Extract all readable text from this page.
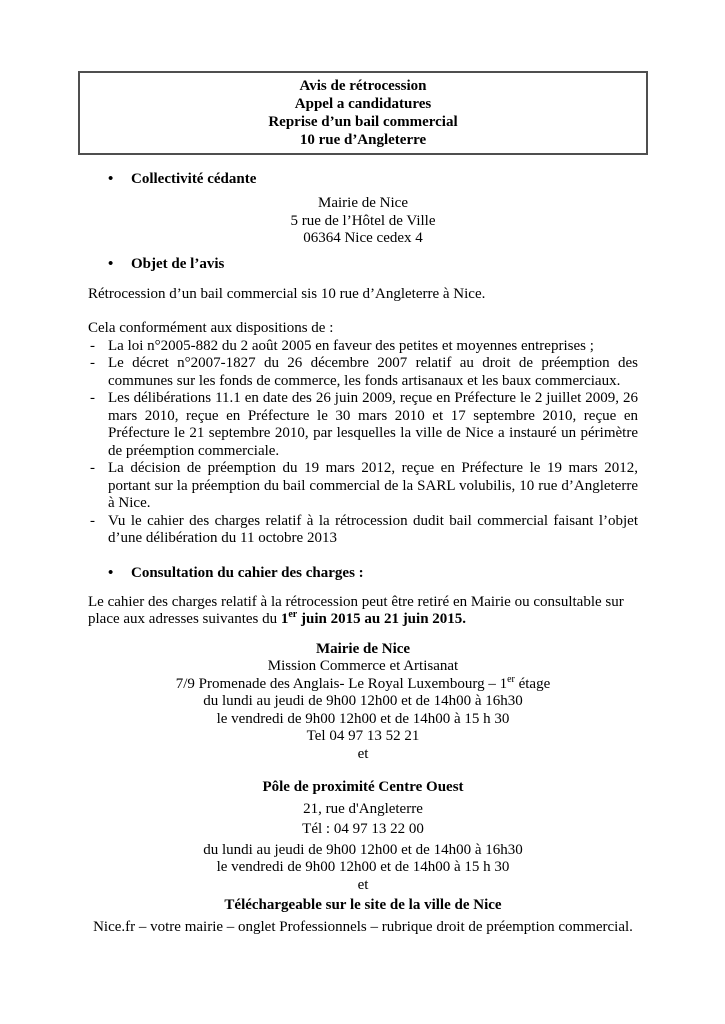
Avis de rétrocession
Appel a candidatures
Reprise d’un bail commercial
10 rue d’Angleterre
•	Collectivité cédante
Mairie de Nice
5 rue de l’Hôtel de Ville
06364 Nice cedex 4
•	Objet de l’avis

Rétrocession d’un bail commercial sis 10 rue d’Angleterre à Nice.

Cela conformément aux dispositions de :

- La loi n°2005-882 du 2 août 2005 en faveur des petites et moyennes entreprises ;
- Le décret n°2007-1827 du 26 décembre 2007 relatif au droit de préemption des communes sur les fonds de commerce, les fonds artisanaux et les baux commerciaux.
- Les délibérations 11.1 en date des 26 juin 2009, reçue en Préfecture le 2 juillet 2009, 26 mars 2010, reçue en Préfecture le 30 mars 2010 et 17 septembre 2010, reçue en Préfecture le 21 septembre 2010, par lesquelles la ville de Nice a instauré un périmètre de préemption commerciale.
- La décision de préemption du 19 mars 2012, reçue en Préfecture le 19 mars 2012, portant sur la préemption du bail commercial de la SARL volubilis, 10 rue d’Angleterre à Nice.
- Vu le cahier des charges relatif à la rétrocession dudit bail commercial faisant l’objet d’une délibération du 11 octobre 2013
•	Consultation du cahier des charges :

Le cahier des charges relatif à la rétrocession peut être retiré en Mairie ou consultable sur place aux adresses suivantes du 1er juin 2015 au 21 juin 2015.

Mairie de Nice
Mission Commerce et Artisanat
7/9 Promenade des Anglais- Le Royal Luxembourg – 1er étage
du lundi au jeudi de 9h00 12h00 et de 14h00 à 16h30
le vendredi de 9h00 12h00 et de 14h00 à 15 h 30
Tel 04 97 13 52 21
et
Pôle de proximité Centre Ouest
21, rue d'Angleterre
Tél : 04 97 13 22 00
du lundi au jeudi de 9h00 12h00 et de 14h00 à 16h30
le vendredi de 9h00 12h00 et de 14h00 à 15 h 30
et
Téléchargeable sur le site de la ville de Nice
Nice.fr – votre mairie – onglet Professionnels – rubrique droit de préemption commercial.
